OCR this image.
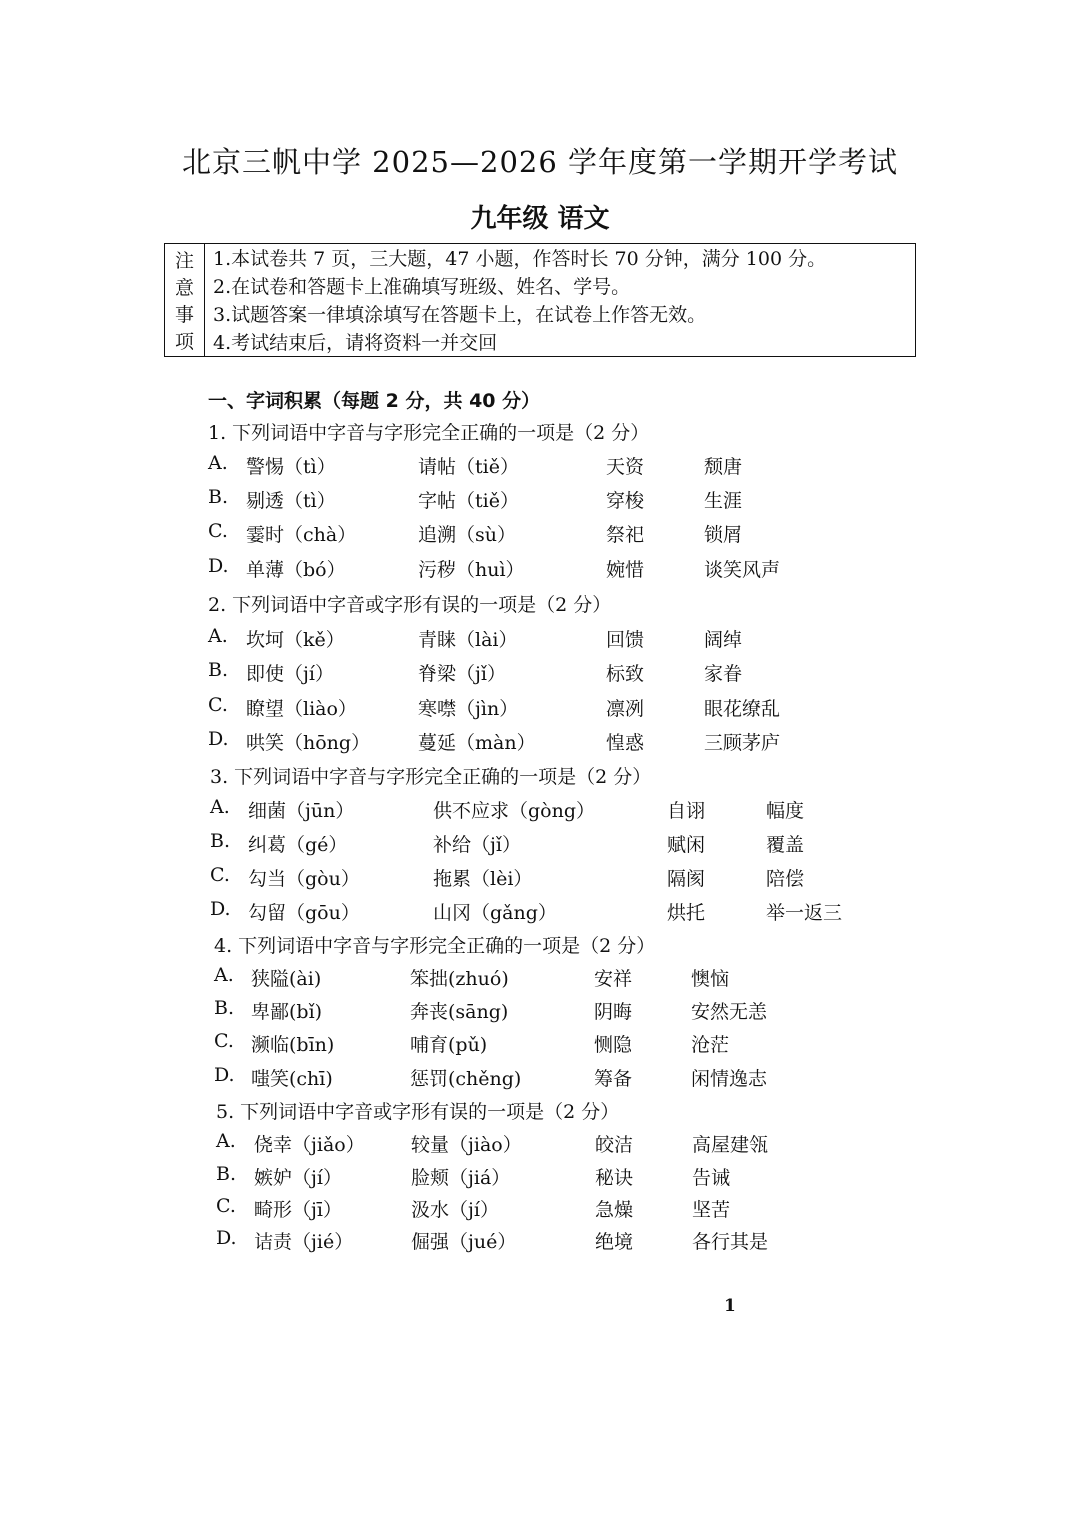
北京三帆中学 2025—2026 学年度第一学期开学考试
九年级 语文
注
意
事
项
1.本试卷共 7 页，三大题，47 小题，作答时长 70 分钟，满分 100 分。
2.在试卷和答题卡上准确填写班级、姓名、学号。
3.试题答案一律填涂填写在答题卡上，在试卷上作答无效。
4.考试结束后，请将资料一并交回
一、字词积累（每题 2 分，共 40 分）
1. 下列词语中字音与字形完全正确的一项是（2 分）
A. 警惕（tì）	请帖（tiě）	天资	颓唐
B. 剔透（tì）	字帖（tiě）	穿梭	生涯
C. 霎时（chà）	追溯（sù）	祭祀	锁屑
D. 单薄（bó）	污秽（huì）	婉惜	谈笑风声
2. 下列词语中字音或字形有误的一项是（2 分）
A. 坎坷（kě）	青睐（lài）	回馈	阔绰
B. 即使（jí）	脊梁（jǐ）	标致	家眷
C. 瞭望（liào）	寒噤（jìn）	凛冽	眼花缭乱
D. 哄笑（hōng）	蔓延（màn）	惶惑	三顾茅庐
3. 下列词语中字音与字形完全正确的一项是（2 分）
A. 细菌（jūn）	供不应求（gòng）	自诩	幅度
B. 纠葛（gé）	补给（jǐ）	赋闲	覆盖
C. 勾当（gòu）	拖累（lèi）	隔阂	陪偿
D. 勾留（gōu）	山冈（gǎng）	烘托	举一返三
4. 下列词语中字音与字形完全正确的一项是（2 分）
A. 狭隘(ài)	笨拙(zhuó)	安祥	懊恼
B. 卑鄙(bǐ)	奔丧(sāng)	阴晦	安然无恙
C. 濒临(bīn)	哺育(pǔ)	恻隐	沧茫
D. 嗤笑(chī)	惩罚(chěng)	筹备	闲情逸志
5. 下列词语中字音或字形有误的一项是（2 分）
A. 侥幸（jiǎo） 较量（jiào）	皎洁	高屋建瓴
B. 嫉妒（jí）	脸颊（jiá）	秘诀	告诫
C. 畸形（jī）	汲水（jí）	急燥	坚苦
D. 诘责（jié）	倔强（jué）	绝境	各行其是
1
